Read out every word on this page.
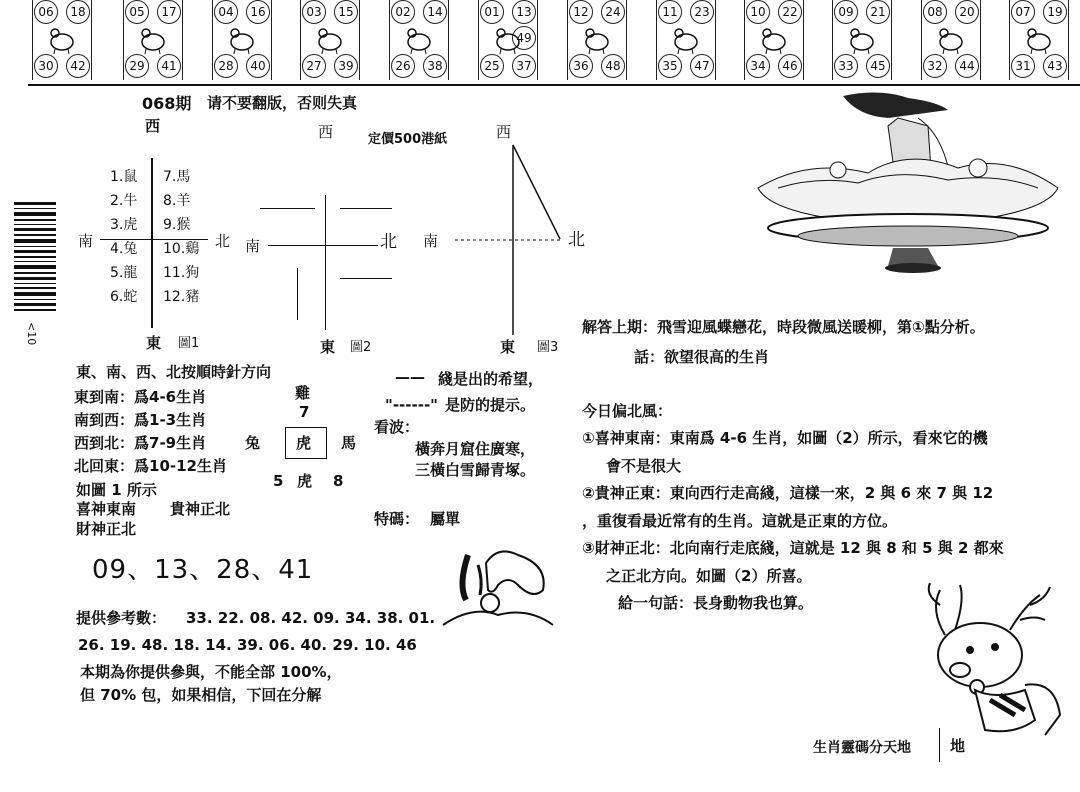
06	18
30	42
05	17
29	41
04	16
28	40
03	15
27	39
02	14
26	38
01	13
25	37
49
12	24
36	48
11	23
35	47
10	22
34	46
09	21
33	45
08	20
32	44
07	19
31	43
<10
068期 请不要翻版，否则失真
定價500港紙
西
南	北
1.鼠
2.牛
3.虎
4.兔
5.龍
6.蛇
7.馬
8.羊
9.猴
10.鷄
11.狗
12.豬
東 圖1
西
南	北
東 圖2
西
南	北
東 圖3
東、南、西、北按順時針方向
東到南：爲4-6生肖
南到西：爲1-3生肖
西到北：爲7-9生肖
北回東：爲10-12生肖
如圖 1 所示
喜神東南 貴神正北
財神正北
雞
7
兔 虎 馬
5 虎 8
—— 綫是出的希望，
"------" 是防的提示。
看波：
橫奔月窟住廣寒，
三橫白雪歸青塚。
特碼： 屬單
09、13、28、41
提供參考數： 33. 22. 08. 42. 09. 34. 38. 01.
26. 19. 48. 18. 14. 39. 06. 40. 29. 10. 46
本期為你提供參與，不能全部 100%，
但 70% 包，如果相信，下回在分解
解答上期：飛雪迎風蝶戀花，時段微風送暖柳，第①點分析。
話：欲望很高的生肖
今日偏北風：
①喜神東南：東南爲 4-6 生肖，如圖（2）所示，看來它的機
會不是很大
②貴神正東：東向西行走高綫，這樣一來，2 與 6 來 7 與 12
，重復看最近常有的生肖。這就是正東的方位。
③財神正北：北向南行走底綫，這就是 12 與 8 和 5 與 2 都來
之正北方向。如圖（2）所喜。
給一句話：長身動物我也算。
生肖靈碼分天地	地
